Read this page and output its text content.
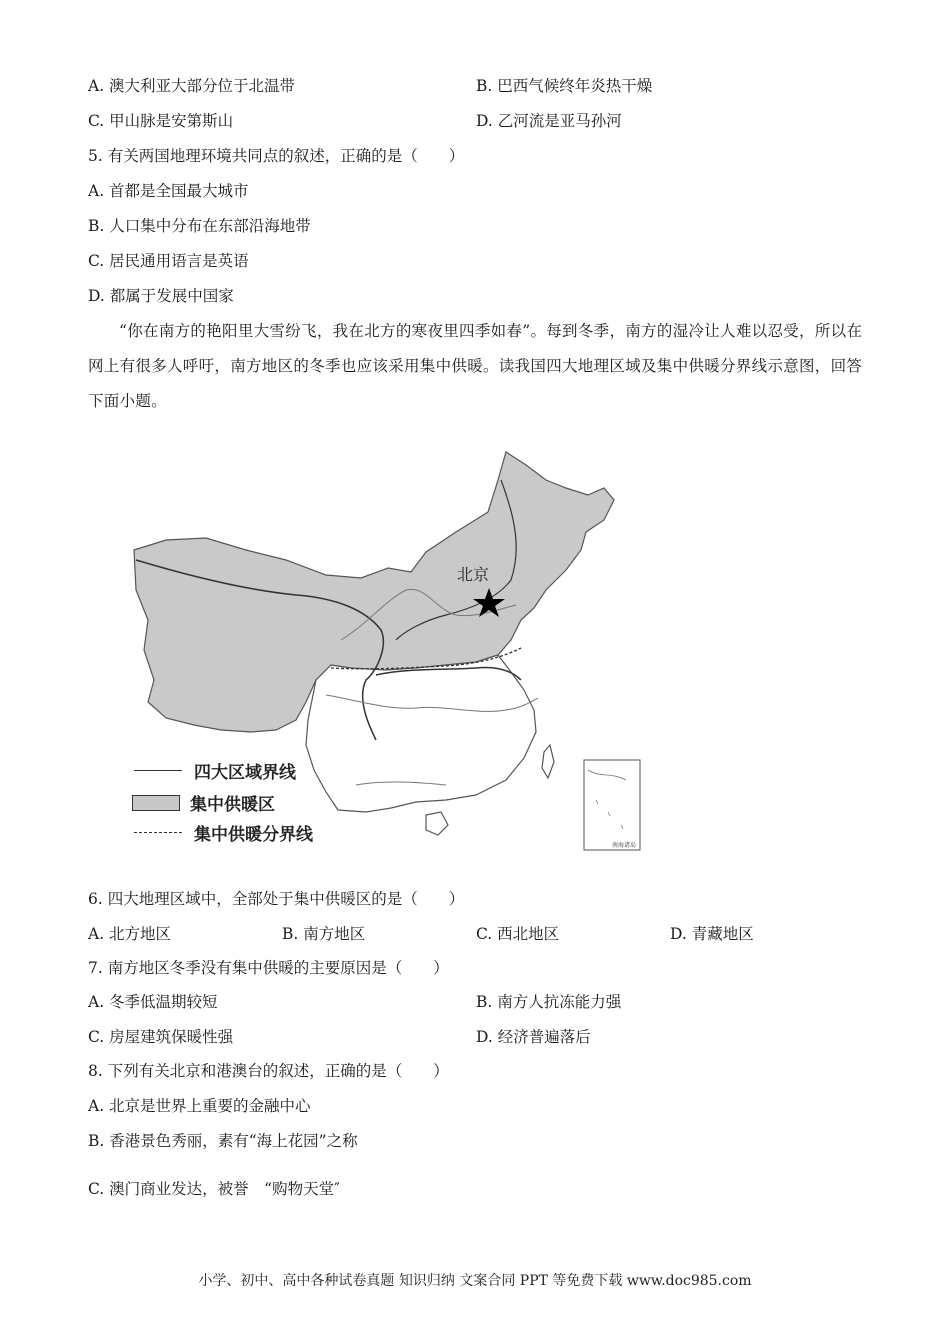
A. 澳大利亚大部分位于北温带	B. 巴西气候终年炎热干燥
C. 甲山脉是安第斯山	D. 乙河流是亚马孙河
5. 有关两国地理环境共同点的叙述，正确的是（　　）
A. 首都是全国最大城市
B. 人口集中分布在东部沿海地带
C. 居民通用语言是英语
D. 都属于发展中国家
“你在南方的艳阳里大雪纷飞，我在北方的寒夜里四季如春”。每到冬季，南方的湿冷让人难以忍受，所以在网上有很多人呼吁，南方地区的冬季也应该采用集中供暖。读我国四大地理区域及集中供暖分界线示意图，回答下面小题。
北京
四大区域界线
集中供暖区
集中供暖分界线
南海诸岛
6. 四大地理区域中，全部处于集中供暖区的是（　　）
A. 北方地区	B. 南方地区	C. 西北地区	D. 青藏地区
7. 南方地区冬季没有集中供暖的主要原因是（　　）
A. 冬季低温期较短	B. 南方人抗冻能力强
C. 房屋建筑保暖性强	D. 经济普遍落后
8. 下列有关北京和港澳台的叙述，正确的是（　　）
A. 北京是世界上重要的金融中心
B. 香港景色秀丽，素有“海上花园”之称
C. 澳门商业发达，被誉　“购物天堂″
小学、初中、高中各种试卷真题 知识归纳 文案合同 PPT 等免费下载 www.doc985.com
